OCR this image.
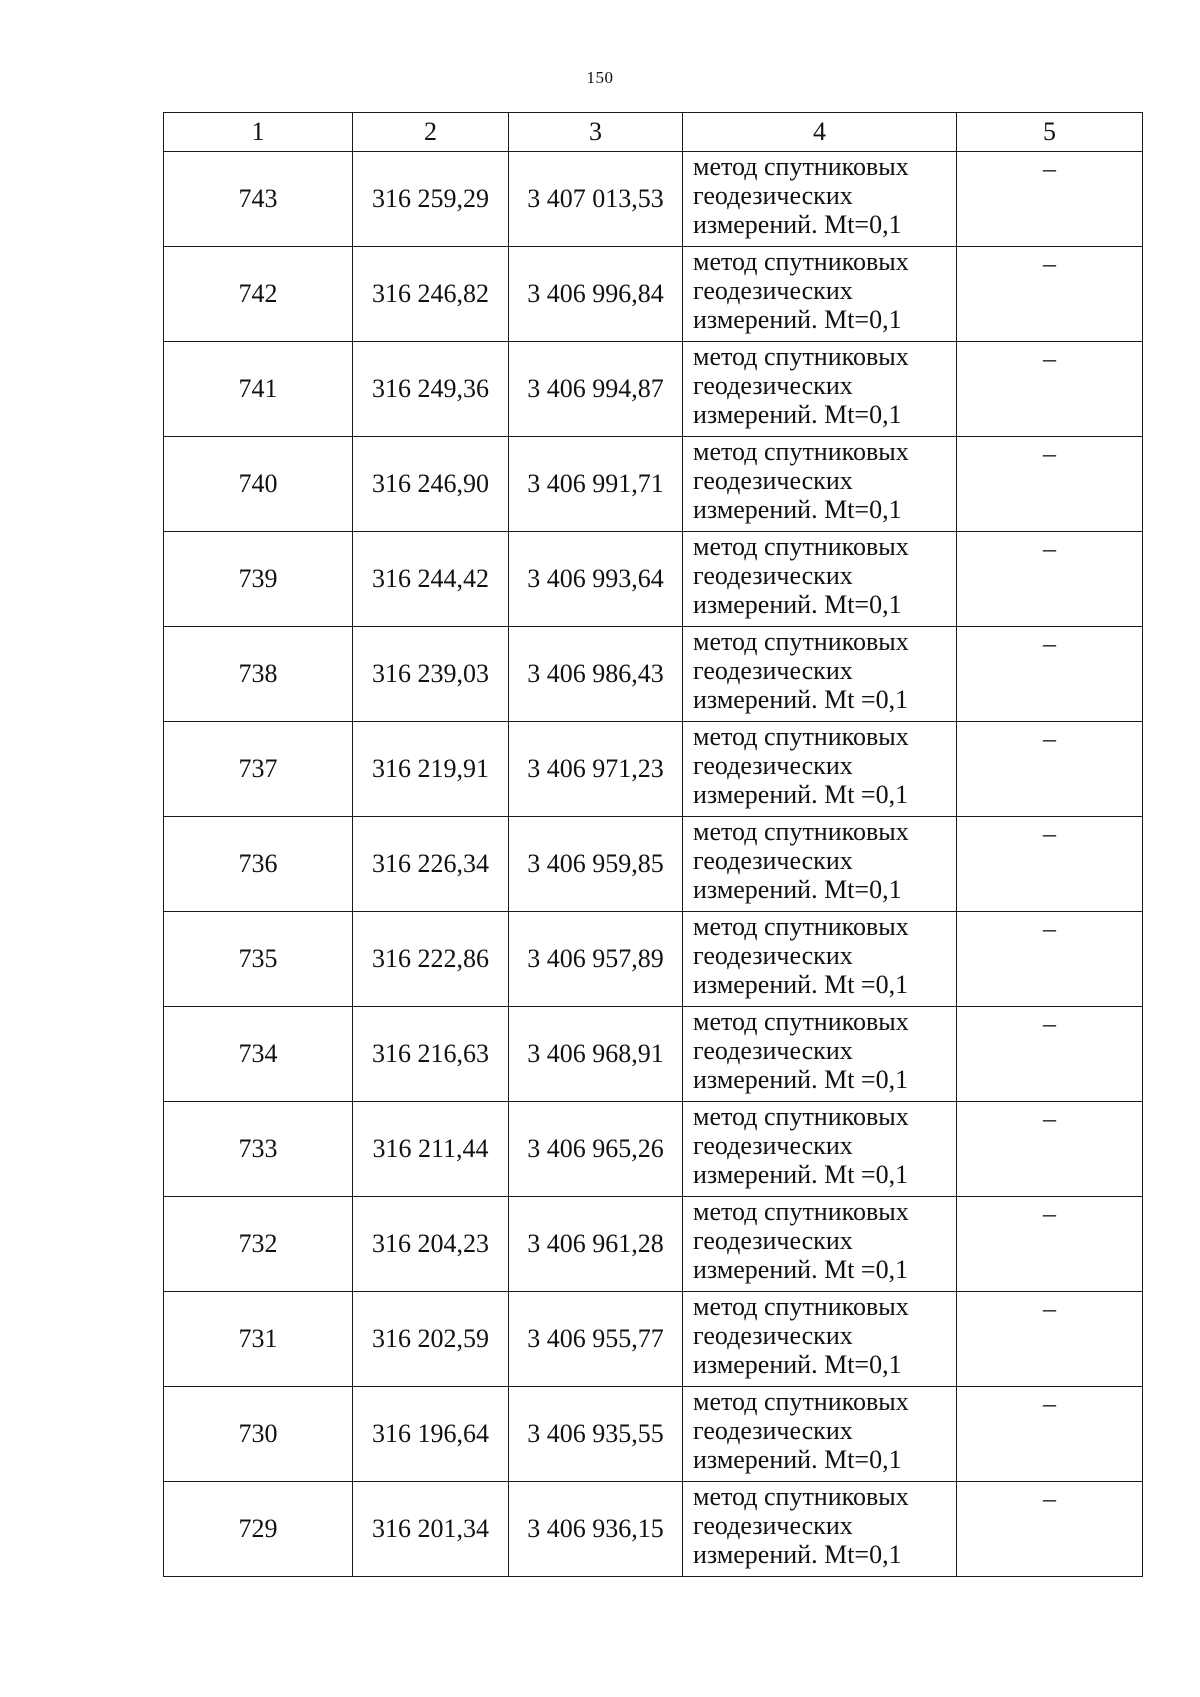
150
1	2	3	4	5
743	316 259,29	3 407 013,53	метод спутниковых
геодезических
измерений. Mt=0,1	–
742	316 246,82	3 406 996,84	метод спутниковых
геодезических
измерений. Mt=0,1	–
741	316 249,36	3 406 994,87	метод спутниковых
геодезических
измерений. Mt=0,1	–
740	316 246,90	3 406 991,71	метод спутниковых
геодезических
измерений. Mt=0,1	–
739	316 244,42	3 406 993,64	метод спутниковых
геодезических
измерений. Mt=0,1	–
738	316 239,03	3 406 986,43	метод спутниковых
геодезических
измерений. Mt =0,1	–
737	316 219,91	3 406 971,23	метод спутниковых
геодезических
измерений. Mt =0,1	–
736	316 226,34	3 406 959,85	метод спутниковых
геодезических
измерений. Mt=0,1	–
735	316 222,86	3 406 957,89	метод спутниковых
геодезических
измерений. Mt =0,1	–
734	316 216,63	3 406 968,91	метод спутниковых
геодезических
измерений. Mt =0,1	–
733	316 211,44	3 406 965,26	метод спутниковых
геодезических
измерений. Mt =0,1	–
732	316 204,23	3 406 961,28	метод спутниковых
геодезических
измерений. Mt =0,1	–
731	316 202,59	3 406 955,77	метод спутниковых
геодезических
измерений. Mt=0,1	–
730	316 196,64	3 406 935,55	метод спутниковых
геодезических
измерений. Mt=0,1	–
729	316 201,34	3 406 936,15	метод спутниковых
геодезических
измерений. Mt=0,1	–
